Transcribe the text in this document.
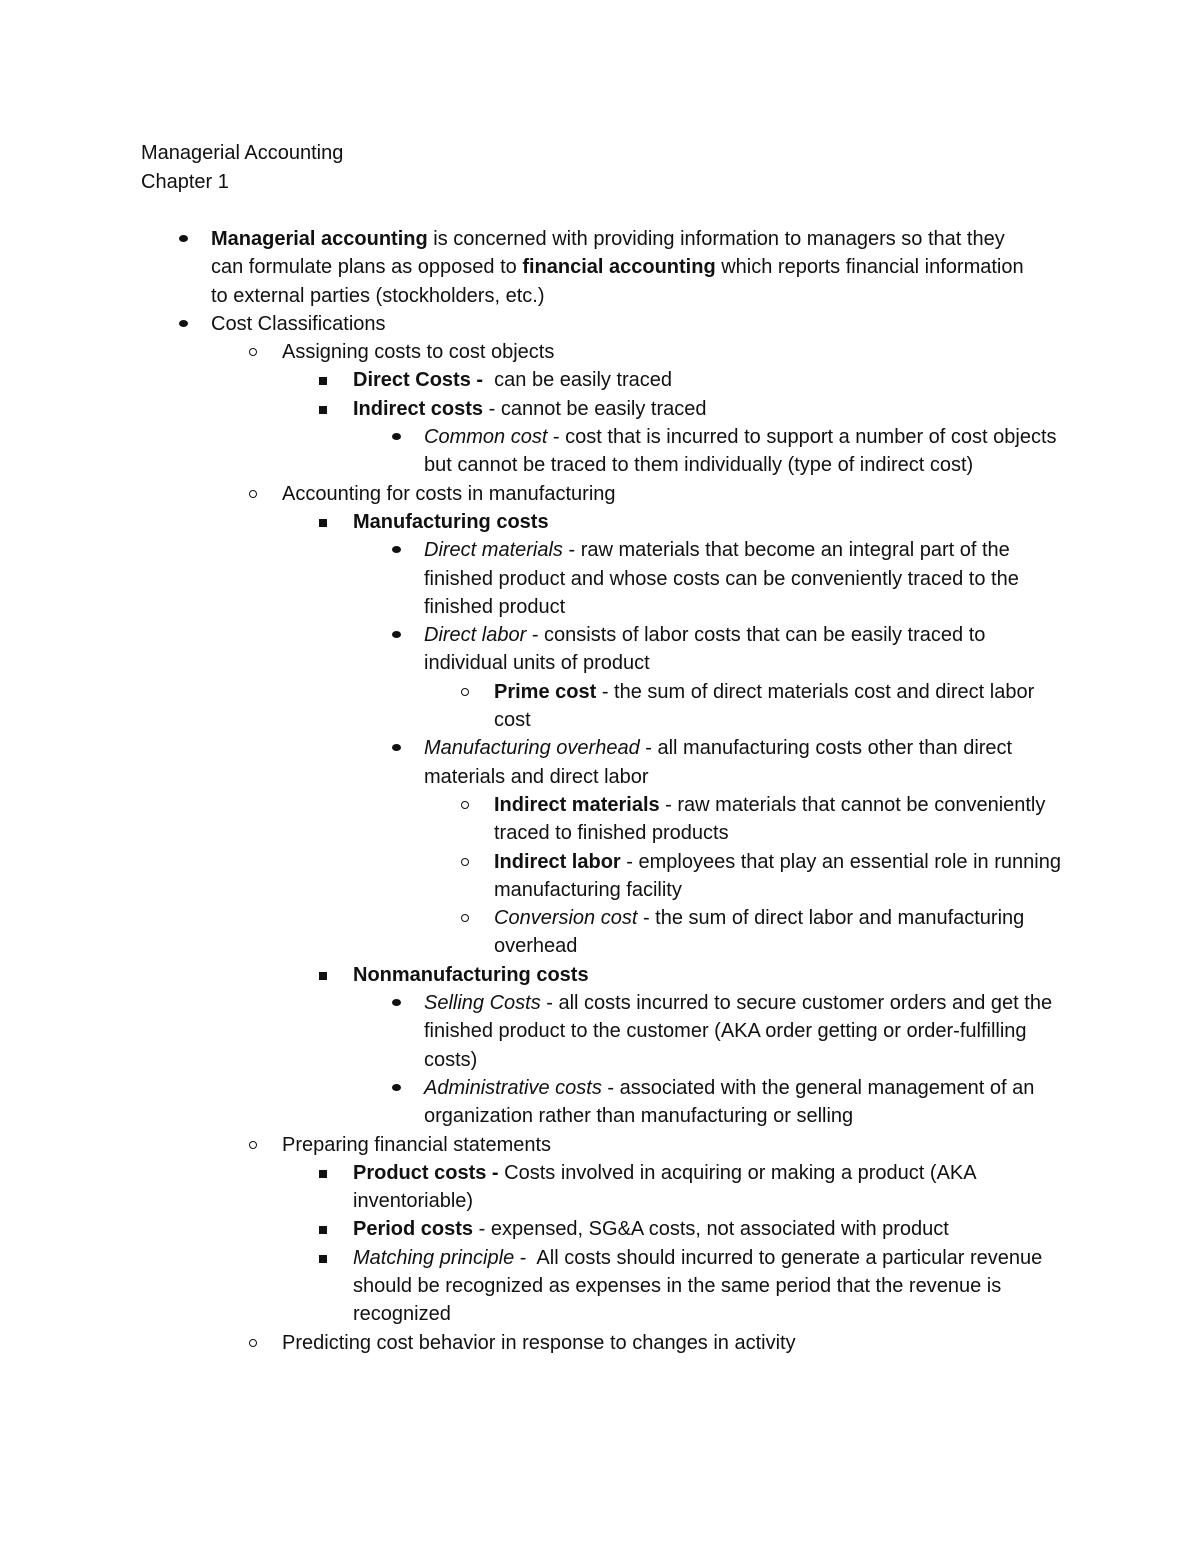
Managerial Accounting
Chapter 1
Managerial accounting is concerned with providing information to managers so that they can formulate plans as opposed to financial accounting which reports financial information to external parties (stockholders, etc.)
Cost Classifications
Assigning costs to cost objects
Direct Costs -  can be easily traced
Indirect costs - cannot be easily traced
Common cost - cost that is incurred to support a number of cost objects but cannot be traced to them individually (type of indirect cost)
Accounting for costs in manufacturing
Manufacturing costs
Direct materials - raw materials that become an integral part of the finished product and whose costs can be conveniently traced to the finished product
Direct labor - consists of labor costs that can be easily traced to individual units of product
Prime cost - the sum of direct materials cost and direct labor cost
Manufacturing overhead - all manufacturing costs other than direct materials and direct labor
Indirect materials - raw materials that cannot be conveniently traced to finished products
Indirect labor - employees that play an essential role in running manufacturing facility
Conversion cost - the sum of direct labor and manufacturing overhead
Nonmanufacturing costs
Selling Costs - all costs incurred to secure customer orders and get the finished product to the customer (AKA order getting or order-fulfilling costs)
Administrative costs - associated with the general management of an organization rather than manufacturing or selling
Preparing financial statements
Product costs - Costs involved in acquiring or making a product (AKA inventoriable)
Period costs - expensed, SG&A costs, not associated with product
Matching principle -  All costs should incurred to generate a particular revenue should be recognized as expenses in the same period that the revenue is recognized
Predicting cost behavior in response to changes in activity
